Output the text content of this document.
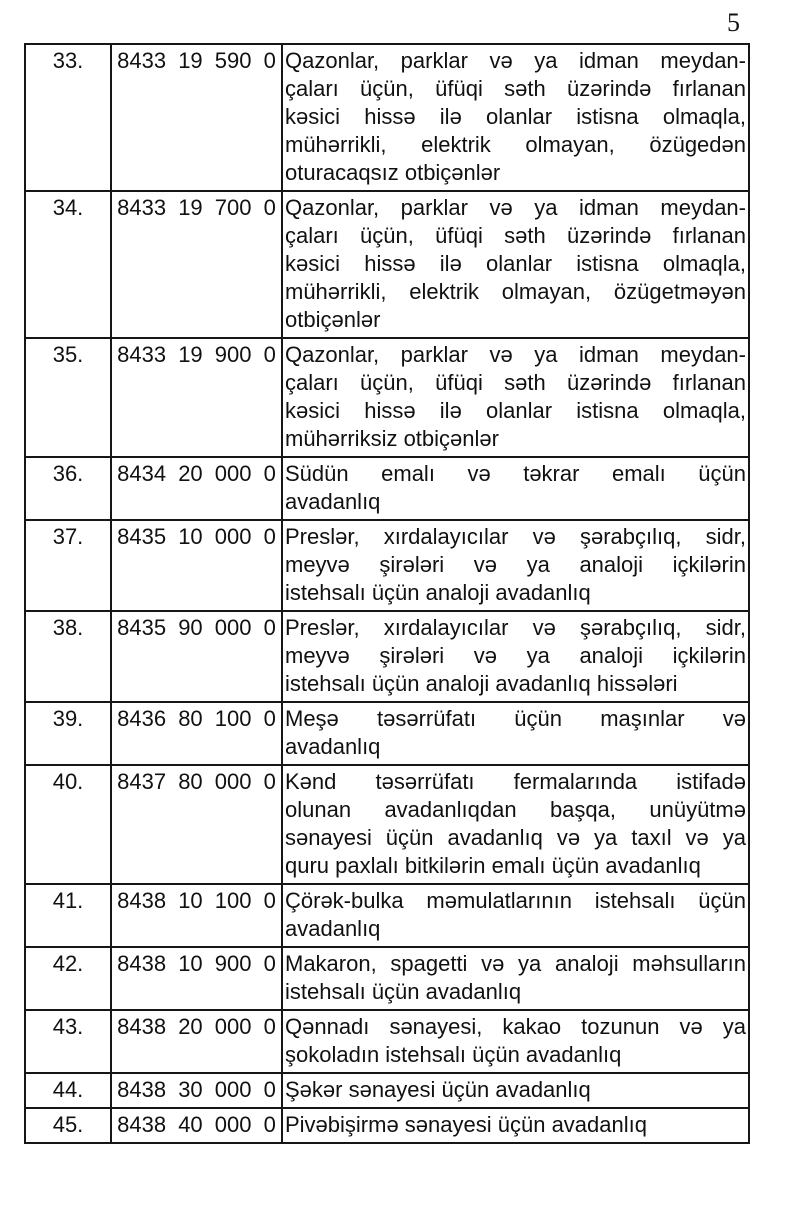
5
33.	8433 19 590 0	Qazonlar, parklar və ya idman meydan-
çaları üçün, üfüqi səth üzərində fırlanan
kəsici hissə ilə olanlar istisna olmaqla,
mühərrikli, elektrik olmayan, özügedən
oturacaqsız otbiçənlər

34.	8433 19 700 0	Qazonlar, parklar və ya idman meydan-
çaları üçün, üfüqi səth üzərində fırlanan
kəsici hissə ilə olanlar istisna olmaqla,
mühərrikli, elektrik olmayan, özügetməyən
otbiçənlər

35.	8433 19 900 0	Qazonlar, parklar və ya idman meydan-
çaları üçün, üfüqi səth üzərində fırlanan
kəsici hissə ilə olanlar istisna olmaqla,
mühərriksiz otbiçənlər

36.	8434 20 000 0	Südün emalı və təkrar emalı üçün
avadanlıq

37.	8435 10 000 0	Preslər, xırdalayıcılar və şərabçılıq, sidr,
meyvə şirələri və ya analoji içkilərin
istehsalı üçün analoji avadanlıq

38.	8435 90 000 0	Preslər, xırdalayıcılar və şərabçılıq, sidr,
meyvə şirələri və ya analoji içkilərin
istehsalı üçün analoji avadanlıq hissələri

39.	8436 80 100 0	Meşə təsərrüfatı üçün maşınlar və
avadanlıq

40.	8437 80 000 0	Kənd təsərrüfatı fermalarında istifadə
olunan avadanlıqdan başqa, unüyütmə
sənayesi üçün avadanlıq və ya taxıl və ya
quru paxlalı bitkilərin emalı üçün avadanlıq

41.	8438 10 100 0	Çörək-bulka məmulatlarının istehsalı üçün
avadanlıq

42.	8438 10 900 0	Makaron, spagetti və ya analoji məhsulların
istehsalı üçün avadanlıq

43.	8438 20 000 0	Qənnadı sənayesi, kakao tozunun və ya
şokoladın istehsalı üçün avadanlıq

44.	8438 30 000 0	Şəkər sənayesi üçün avadanlıq

45.	8438 40 000 0	Pivəbişirmə sənayesi üçün avadanlıq
